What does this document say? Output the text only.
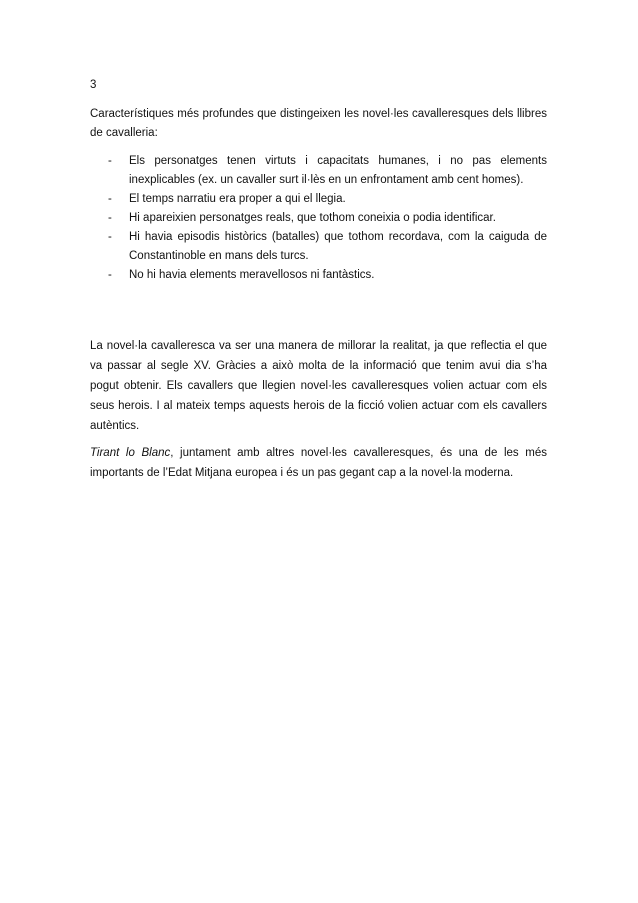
3

Característiques més profundes que distingeixen les novel·les cavalleresques dels llibres de cavalleria:

- Els personatges tenen virtuts i capacitats humanes, i no pas elements inexplicables (ex. un cavaller surt il·lès en un enfrontament amb cent homes).
- El temps narratiu era proper a qui el llegia.
- Hi apareixien personatges reals, que tothom coneixia o podia identificar.
- Hi havia episodis històrics (batalles) que tothom recordava, com la caiguda de Constantinoble en mans dels turcs.
- No hi havia elements meravellosos ni fantàstics.

La novel·la cavalleresca va ser una manera de millorar la realitat, ja que reflectia el que va passar al segle XV. Gràcies a això molta de la informació que tenim avui dia s’ha pogut obtenir. Els cavallers que llegien novel·les cavalleresques volien actuar com els seus herois. I al mateix temps aquests herois de la ficció volien actuar com els cavallers autèntics.

Tirant lo Blanc, juntament amb altres novel·les cavalleresques, és una de les més importants de l’Edat Mitjana europea i és un pas gegant cap a la novel·la moderna.
